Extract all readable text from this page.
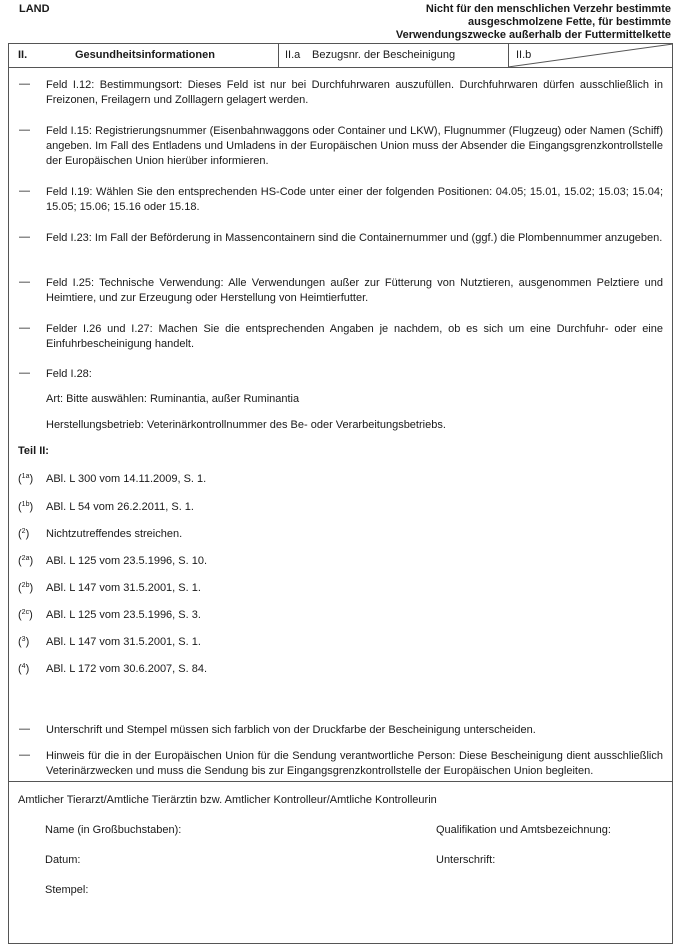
LAND	Nicht für den menschlichen Verzehr bestimmte
ausgeschmolzene Fette, für bestimmte
Verwendungszwecke außerhalb der Futtermittelkette
II.	Gesundheitsinformationen	II.a Bezugsnr. der Bescheinigung	II.b
— Feld I.12: Bestimmungsort: Dieses Feld ist nur bei Durchfuhrwaren auszufüllen. Durchfuhrwaren dürfen ausschließlich in Freizonen, Freilagern und Zolllagern gelagert werden.
— Feld I.15: Registrierungsnummer (Eisenbahnwaggons oder Container und LKW), Flugnummer (Flugzeug) oder Namen (Schiff) angeben. Im Fall des Entladens und Umladens in der Europäischen Union muss der Absender die Eingangsgrenzkontrollstelle der Europäischen Union hierüber informieren.
— Feld I.19: Wählen Sie den entsprechenden HS-Code unter einer der folgenden Positionen: 04.05; 15.01, 15.02; 15.03; 15.04; 15.05; 15.06; 15.16 oder 15.18.
— Feld I.23: Im Fall der Beförderung in Massencontainern sind die Containernummer und (ggf.) die Plombennummer anzugeben.
— Feld I.25: Technische Verwendung: Alle Verwendungen außer zur Fütterung von Nutztieren, ausgenommen Pelztiere und Heimtiere, und zur Erzeugung oder Herstellung von Heimtierfutter.
— Felder I.26 und I.27: Machen Sie die entsprechenden Angaben je nachdem, ob es sich um eine Durchfuhr- oder eine Einfuhrbescheinigung handelt.
— Feld I.28:
Art: Bitte auswählen: Ruminantia, außer Ruminantia
Herstellungsbetrieb: Veterinärkontrollnummer des Be- oder Verarbeitungsbetriebs.
Teil II:
($^{1a}$) ABl. L 300 vom 14.11.2009, S. 1.
($^{1b}$) ABl. L 54 vom 26.2.2011, S. 1.
($^2$) Nichtzutreffendes streichen.
($^{2a}$) ABl. L 125 vom 23.5.1996, S. 10.
($^{2b}$) ABl. L 147 vom 31.5.2001, S. 1.
($^{2c}$) ABl. L 125 vom 23.5.1996, S. 3.
($^3$) ABl. L 147 vom 31.5.2001, S. 1.
($^4$) ABl. L 172 vom 30.6.2007, S. 84.
— Unterschrift und Stempel müssen sich farblich von der Druckfarbe der Bescheinigung unterscheiden.
— Hinweis für die in der Europäischen Union für die Sendung verantwortliche Person: Diese Bescheinigung dient ausschließlich Veterinärzwecken und muss die Sendung bis zur Eingangsgrenzkontrollstelle der Europäischen Union begleiten.
Amtlicher Tierarzt/Amtliche Tierärztin bzw. Amtlicher Kontrolleur/Amtliche Kontrolleurin
Name (in Großbuchstaben):	Qualifikation und Amtsbezeichnung:
Datum:	Unterschrift:
Stempel:
